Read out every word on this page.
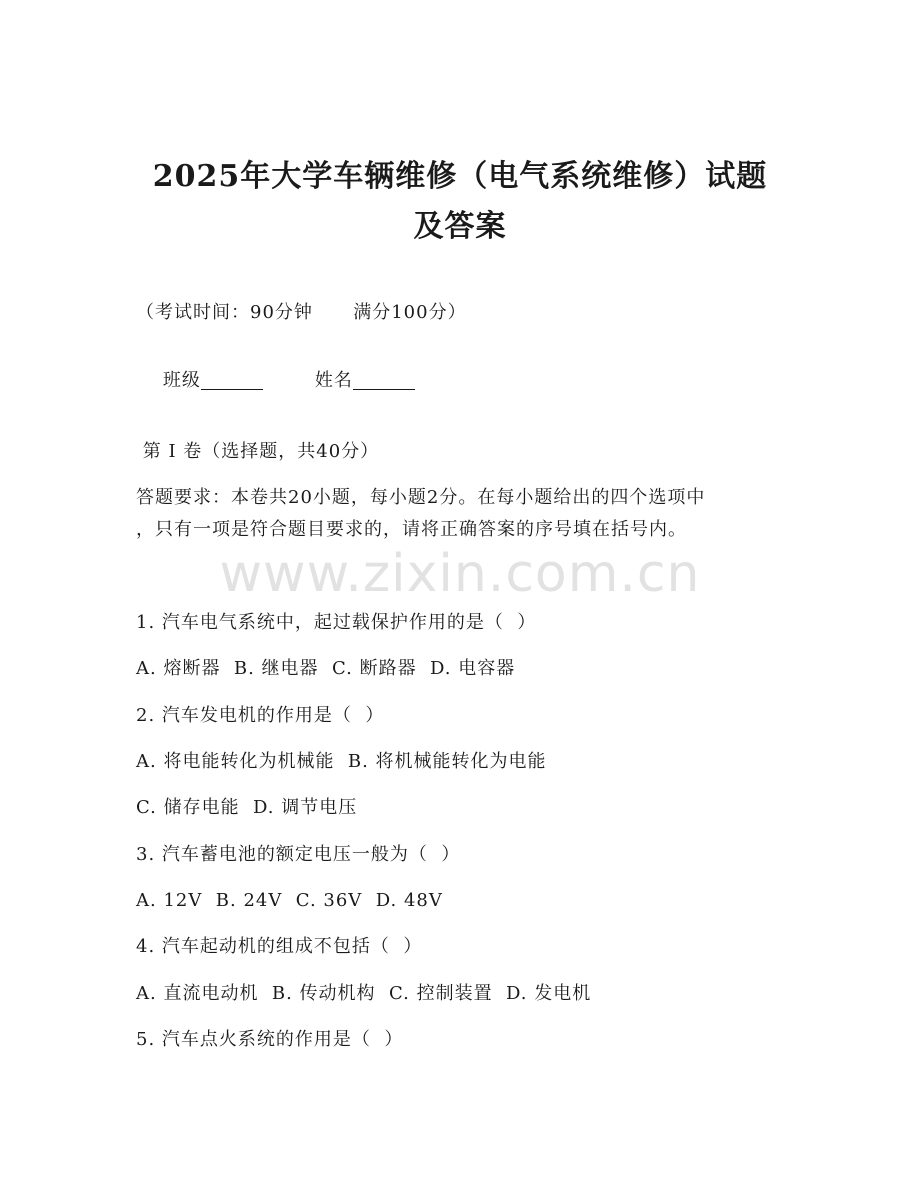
2025年大学车辆维修（电气系统维修）试题
及答案
（考试时间：90分钟      满分100分）

班级	姓名

第 I 卷（选择题，共40分）
答题要求：本卷共20小题，每小题2分。在每小题给出的四个选项中
，只有一项是符合题目要求的，请将正确答案的序号填在括号内。
www.zixin.com.cn
1. 汽车电气系统中，起过载保护作用的是（  ）
A. 熔断器  B. 继电器  C. 断路器  D. 电容器
2. 汽车发电机的作用是（  ）
A. 将电能转化为机械能  B. 将机械能转化为电能
C. 储存电能  D. 调节电压
3. 汽车蓄电池的额定电压一般为（  ）
A. 12V  B. 24V  C. 36V  D. 48V
4. 汽车起动机的组成不包括（  ）
A. 直流电动机  B. 传动机构  C. 控制装置  D. 发电机
5. 汽车点火系统的作用是（  ）
